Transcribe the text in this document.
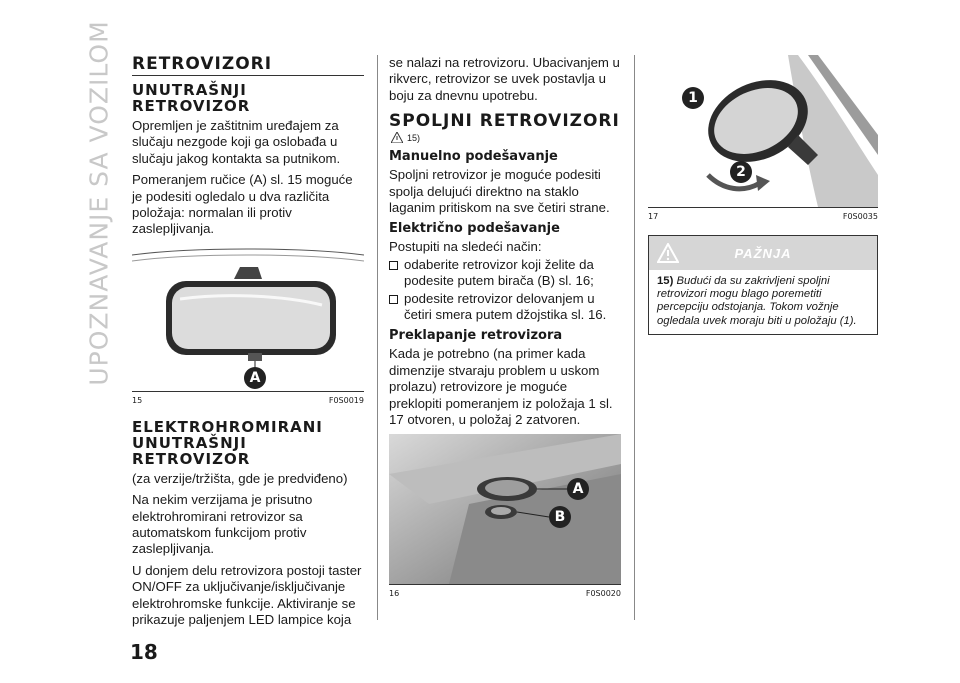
UPOZNAVANJE SA VOZILOM RETROVIZORI
UNUTRAŠNJI RETROVIZOR

Opremljen je zaštitnim uređajem za slučaju nezgode koji ga oslobađa u slučaju jakog kontakta sa putnikom.

Pomeranjem ručice (A) sl. 15 moguće je podesiti ogledalo u dva različita položaja: normalan ili protiv zaslepljivanja.

A
15	F0S0019
ELEKTROHROMIRANI UNUTRAŠNJI RETROVIZOR

(za verzije/tržišta, gde je predviđeno)

Na nekim verzijama je prisutno elektrohromirani retrovizor sa automatskom funkcijom protiv zaslepljivanja.

U donjem delu retrovizora postoji taster ON/OFF za uključivanje/isključivanje elektrohromske funkcije. Aktiviranje se prikazuje paljenjem LED lampice koja

se nalazi na retrovizoru. Ubacivanjem u rikverc, retrovizor se uvek postavlja u boju za dnevnu upotrebu.

SPOLJNI RETROVIZORI
15)
Manuelno podešavanje

Spoljni retrovizor je moguće podesiti spolja delujući direktno na staklo laganim pritiskom na sve četiri strane.

Električno podešavanje

Postupiti na sledeći način:

odaberite retrovizor koji želite da podesite putem birača (B) sl. 16;
podesite retrovizor delovanjem u četiri smera putem džojstika sl. 16.
Preklapanje retrovizora

Kada je potrebno (na primer kada dimenzije stvaraju problem u uskom prolazu) retrovizore je moguće preklopiti pomeranjem iz položaja 1 sl. 17 otvoren, u položaj 2 zatvoren.

A
B
16	F0S0020
1
2
17	F0S0035
PAŽNJA
15) Budući da su zakrivljeni spoljni retrovizori mogu blago poremetiti percepciju odstojanja. Tokom vožnje ogledala uvek moraju biti u položaju (1).
18
